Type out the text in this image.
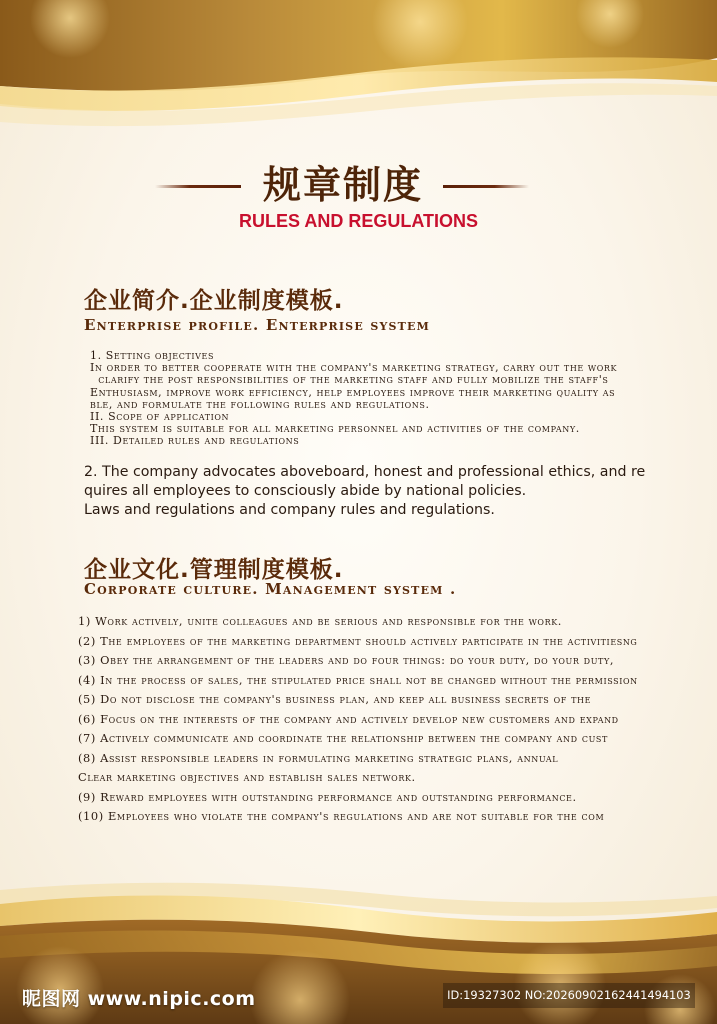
规章制度
RULES AND REGULATIONS
企业简介.企业制度模板.
Enterprise profile. Enterprise system
1. Setting objectives
In order to better cooperate with the company's marketing strategy, carry out the work
clarify the post responsibilities of the marketing staff and fully mobilize the staff's
Enthusiasm, improve work efficiency, help employees improve their marketing quality as
ble, and formulate the following rules and regulations.
II. Scope of application
This system is suitable for all marketing personnel and activities of the company.
III. Detailed rules and regulations
2. The company advocates aboveboard, honest and professional ethics, and re
quires all employees to consciously abide by national policies.
Laws and regulations and company rules and regulations.
企业文化.管理制度模板.
Corporate culture. Management system .
1) Work actively, unite colleagues and be serious and responsible for the work.
(2) The employees of the marketing department should actively participate in the activitiesng
(3) Obey the arrangement of the leaders and do four things: do your duty, do your duty,
(4) In the process of sales, the stipulated price shall not be changed without the permission
(5) Do not disclose the company's business plan, and keep all business secrets of the
(6) Focus on the interests of the company and actively develop new customers and expand
(7) Actively communicate and coordinate the relationship between the company and cust
(8) Assist responsible leaders in formulating marketing strategic plans, annual
Clear marketing objectives and establish sales network.
(9) Reward employees with outstanding performance and outstanding performance.
(10) Employees who violate the company's regulations and are not suitable for the com
昵图网 www.nipic.com	ID:19327302 NO:20260902162441494103
